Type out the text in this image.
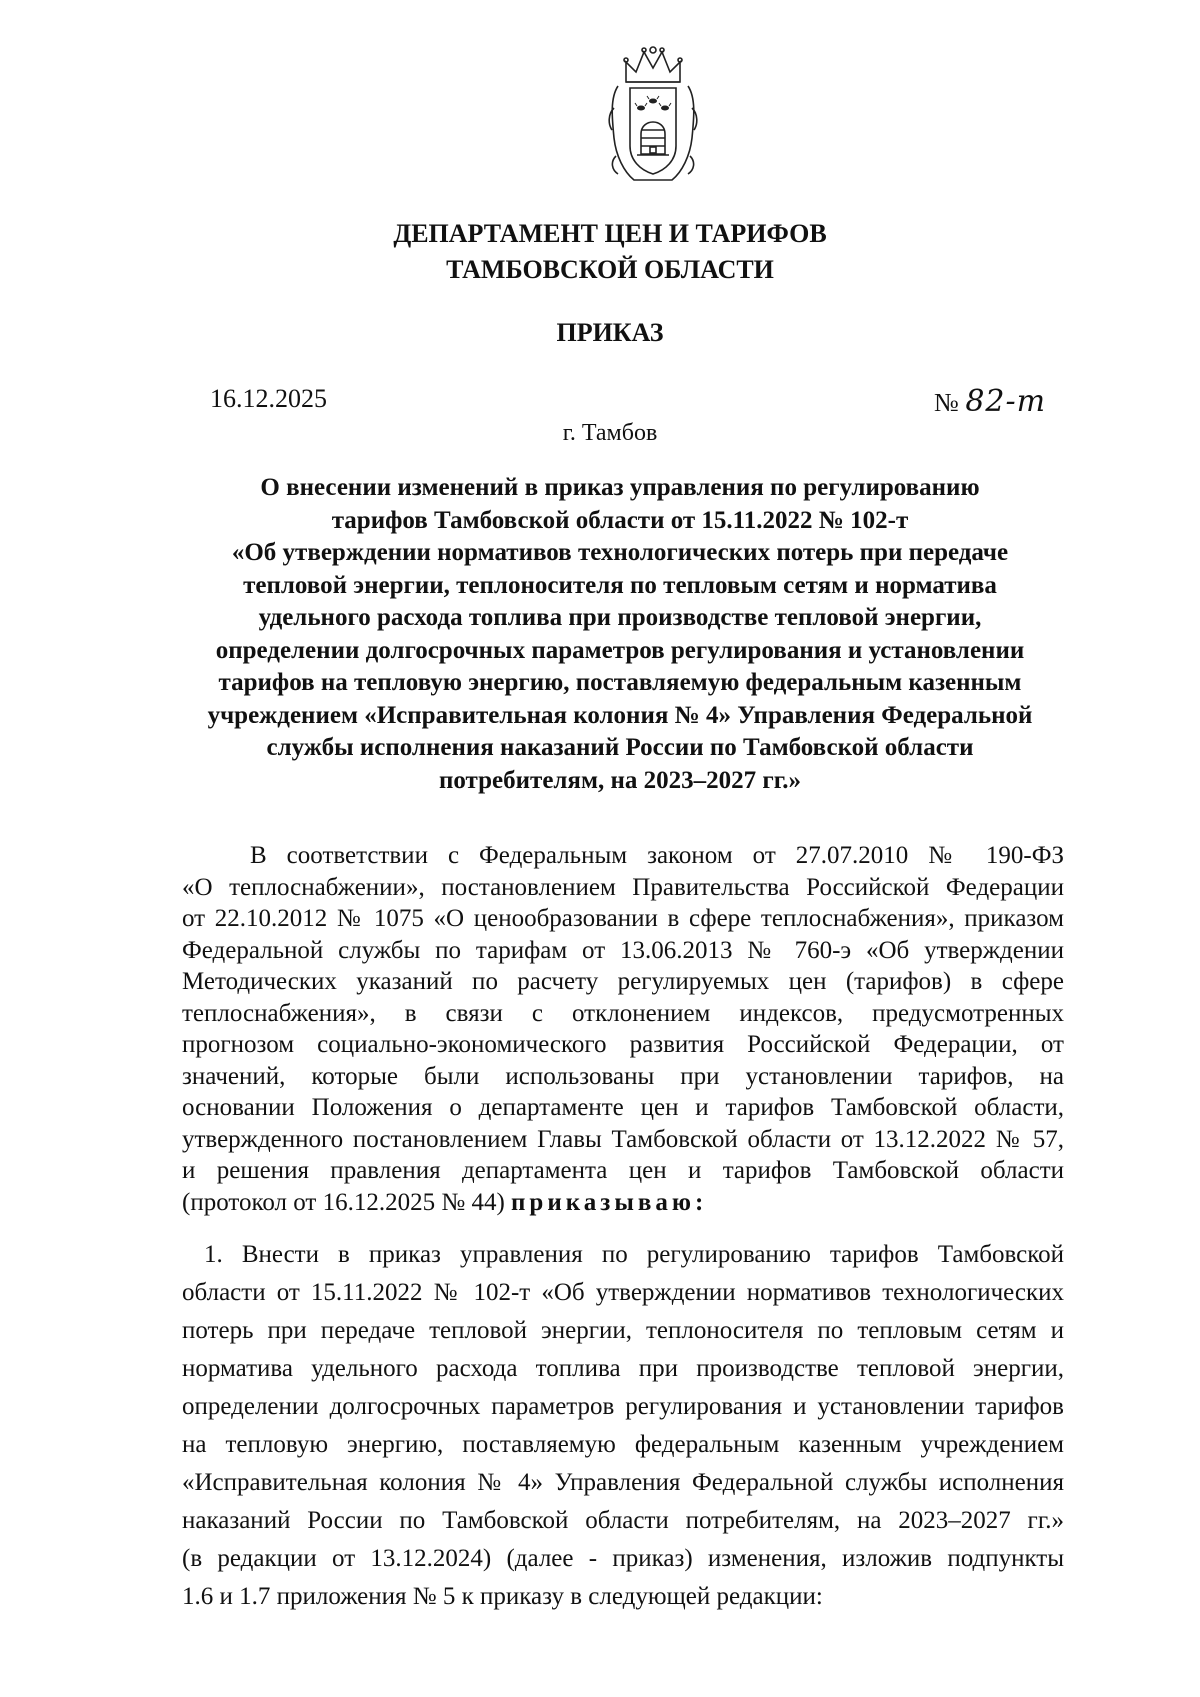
ДЕПАРТАМЕНТ ЦЕН И ТАРИФОВ
ТАМБОВСКОЙ ОБЛАСТИ
ПРИКАЗ
16.12.2025	№ 82-т
г. Тамбов
О внесении изменений в приказ управления по регулированию
тарифов Тамбовской области от 15.11.2022 № 102-т
«Об утверждении нормативов технологических потерь при передаче
тепловой энергии, теплоносителя по тепловым сетям и норматива
удельного расхода топлива при производстве тепловой энергии,
определении долгосрочных параметров регулирования и установлении
тарифов на тепловую энергию, поставляемую федеральным казенным
учреждением «Исправительная колония № 4» Управления Федеральной
службы исполнения наказаний России по Тамбовской области
потребителям, на 2023–2027 гг.»
В соответствии с Федеральным законом от 27.07.2010 № 190-ФЗ
«О теплоснабжении», постановлением Правительства Российской Федерации
от 22.10.2012 № 1075 «О ценообразовании в сфере теплоснабжения», приказом
Федеральной службы по тарифам от 13.06.2013 № 760-э «Об утверждении
Методических указаний по расчету регулируемых цен (тарифов) в сфере
теплоснабжения», в связи с отклонением индексов, предусмотренных
прогнозом социально-экономического развития Российской Федерации, от
значений, которые были использованы при установлении тарифов, на
основании Положения о департаменте цен и тарифов Тамбовской области,
утвержденного постановлением Главы Тамбовской области от 13.12.2022 № 57,
и решения правления департамента цен и тарифов Тамбовской области
(протокол от 16.12.2025 № 44) приказываю:
1. Внести в приказ управления по регулированию тарифов Тамбовской
области от 15.11.2022 № 102-т «Об утверждении нормативов технологических
потерь при передаче тепловой энергии, теплоносителя по тепловым сетям и
норматива удельного расхода топлива при производстве тепловой энергии,
определении долгосрочных параметров регулирования и установлении тарифов
на тепловую энергию, поставляемую федеральным казенным учреждением
«Исправительная колония № 4» Управления Федеральной службы исполнения
наказаний России по Тамбовской области потребителям, на 2023–2027 гг.»
(в редакции от 13.12.2024) (далее - приказ) изменения, изложив подпункты
1.6 и 1.7 приложения № 5 к приказу в следующей редакции:
